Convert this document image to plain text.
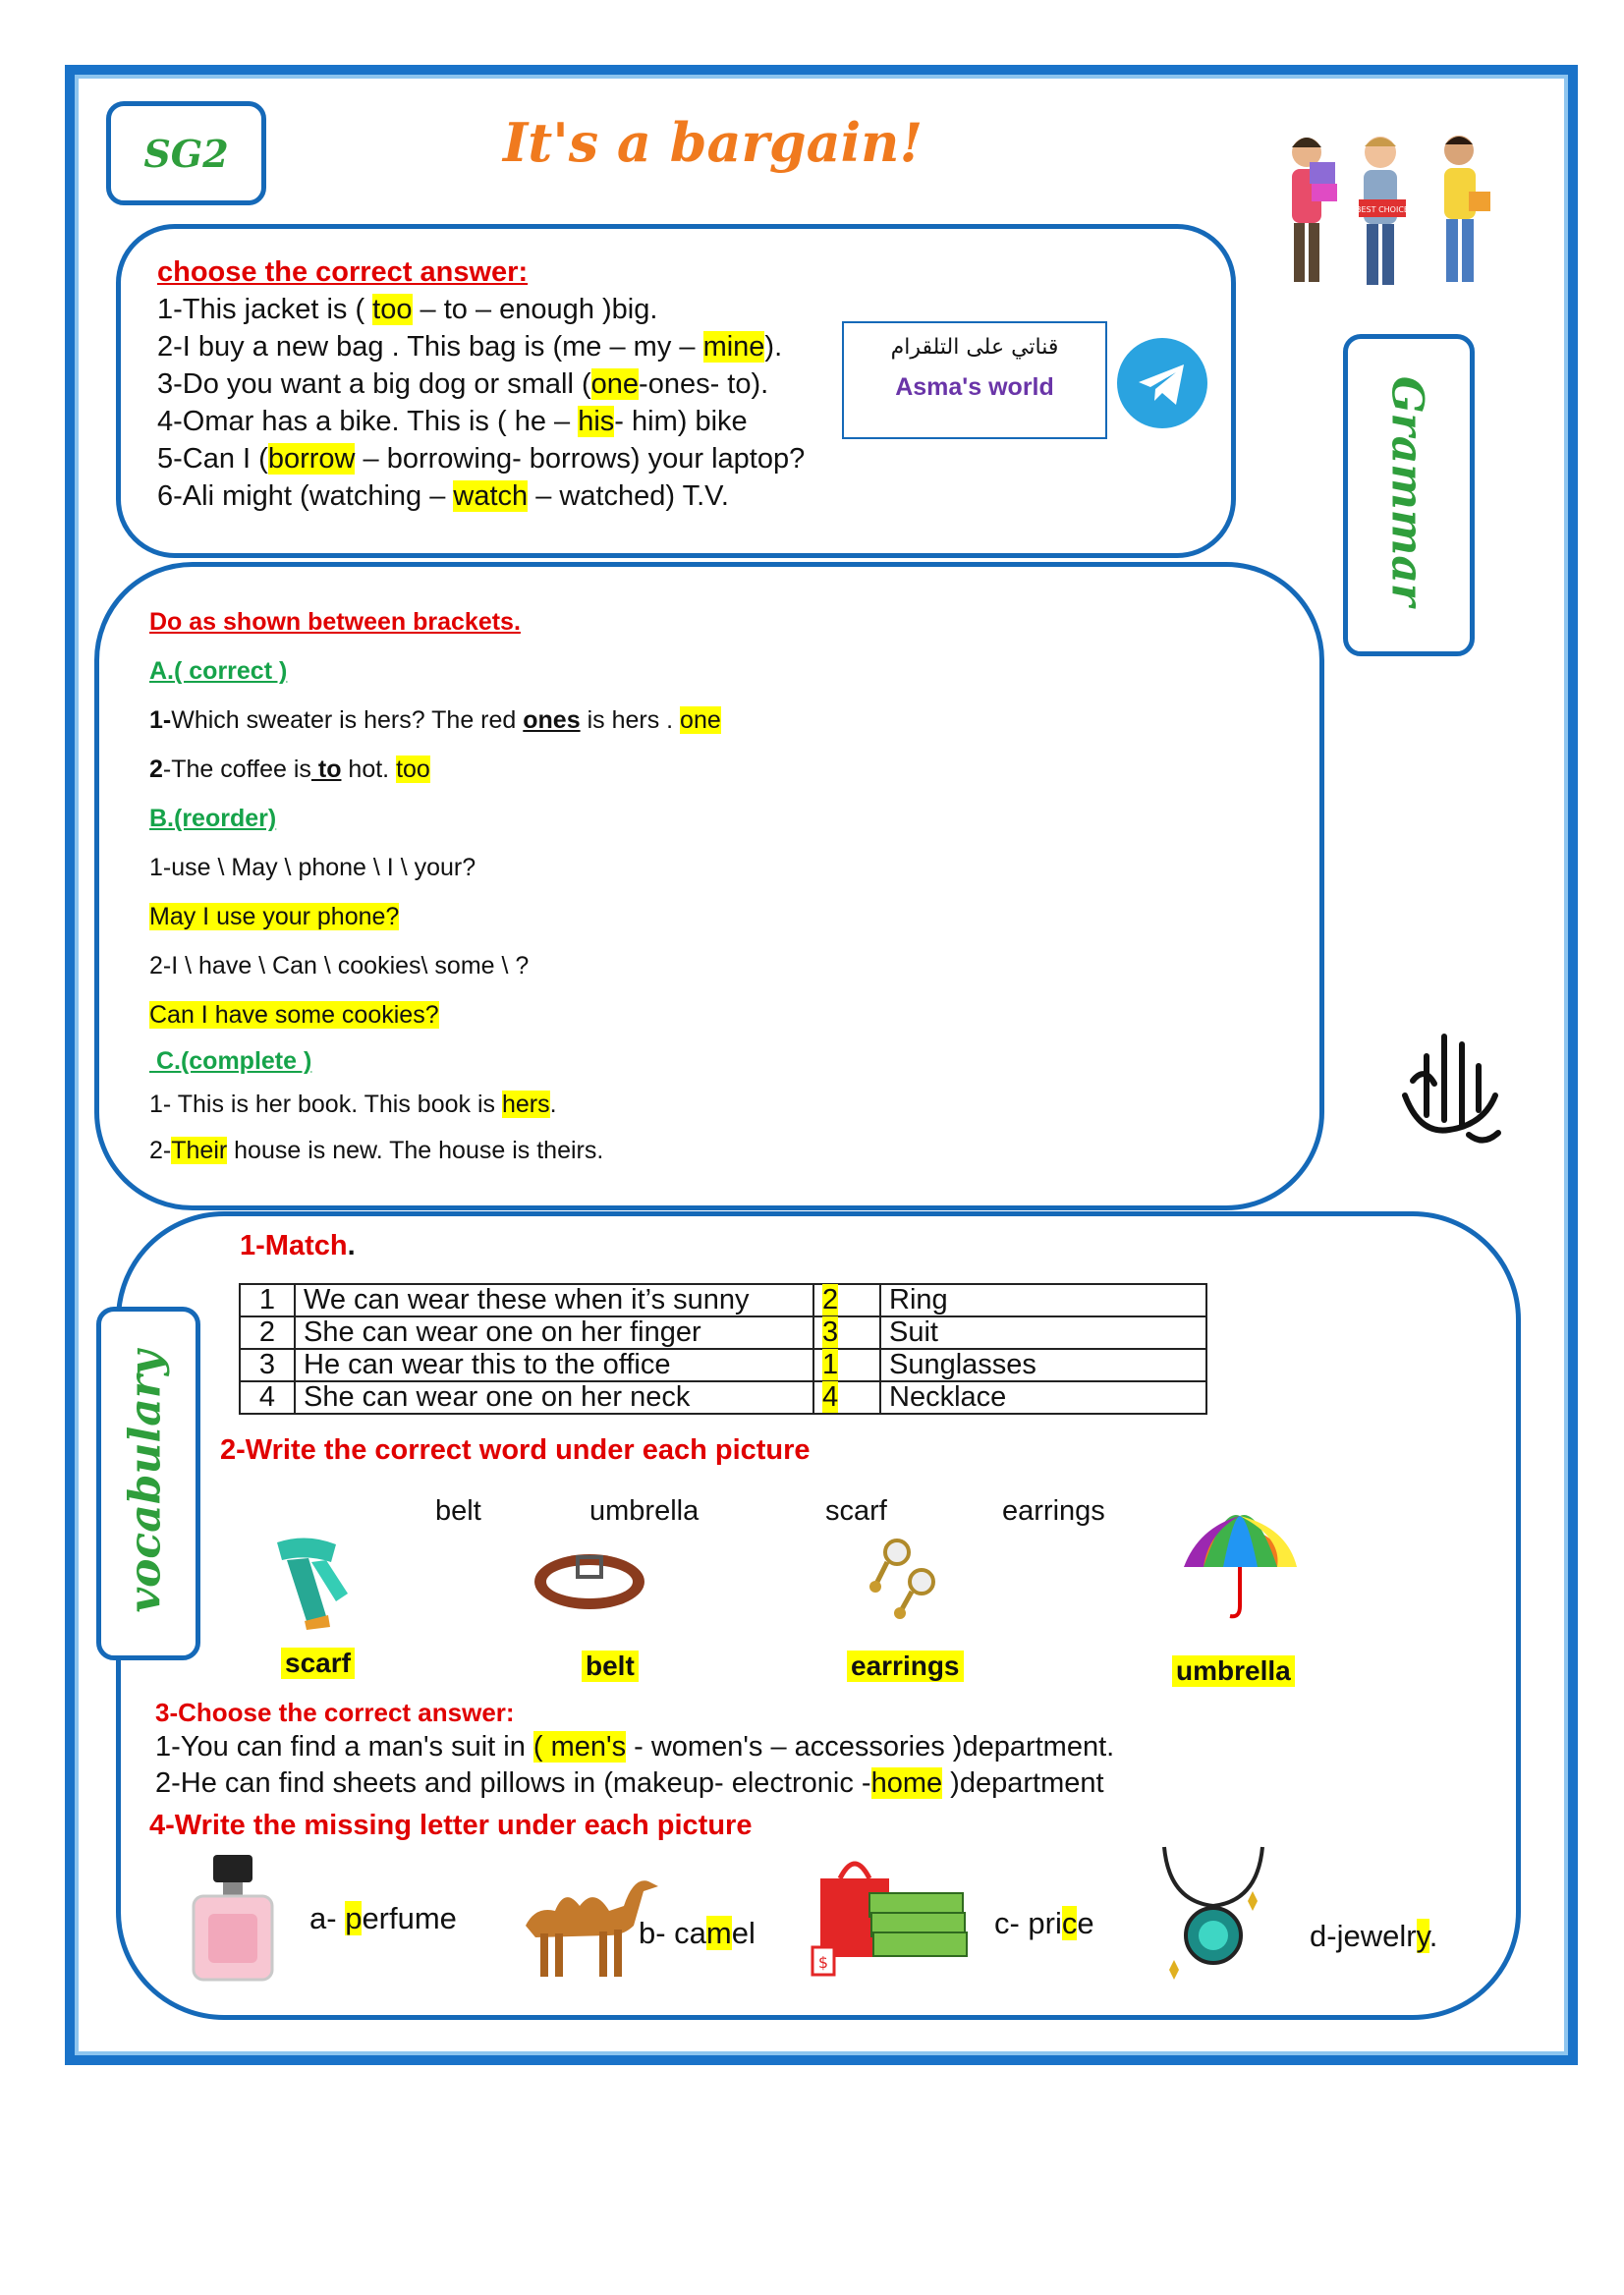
SG2	It's a bargain!
BEST CHOICE

choose the correct answer:

1-This jacket is ( too – to – enough )big.

2-I buy a new bag . This bag is (me – my – mine).

3-Do you want a big dog or small (one-ones- to).

4-Omar has a bike. This is ( he – his- him) bike

5-Can I (borrow – borrowing- borrows) your laptop?

6-Ali might (watching – watch – watched) T.V.

قناتي على التلقرام
Asma's world	Grammar

Do as shown between brackets.

A.( correct )

1-Which sweater is hers? The red ones is hers . one

2-The coffee is to hot. too

B.(reorder)

1-use \ May \ phone \ I \ your?

May I use your phone?

2-I \ have \ Can \ cookies\ some \ ?

Can I have some cookies?

C.(complete )

1- This is her book. This book is hers.

2-Their house is new. The house is theirs.

vocabulary
1-Match.
1	We can wear these when it’s sunny	2	Ring
2	She can wear one on her finger	3	Suit
3	He can wear this to the office	1	Sunglasses
4	She can wear one on her neck	4	Necklace
2-Write the correct word under each picture
belt	umbrella	scarf	earrings
scarf	belt	earrings	umbrella
3-Choose the correct answer:
1-You can find a man's suit in ( men's - women's – accessories )department.
2-He can find sheets and pillows in (makeup- electronic -home )department
4-Write the missing letter under each picture
a- perfume	b- camel
$
c- price	d-jewelry.
